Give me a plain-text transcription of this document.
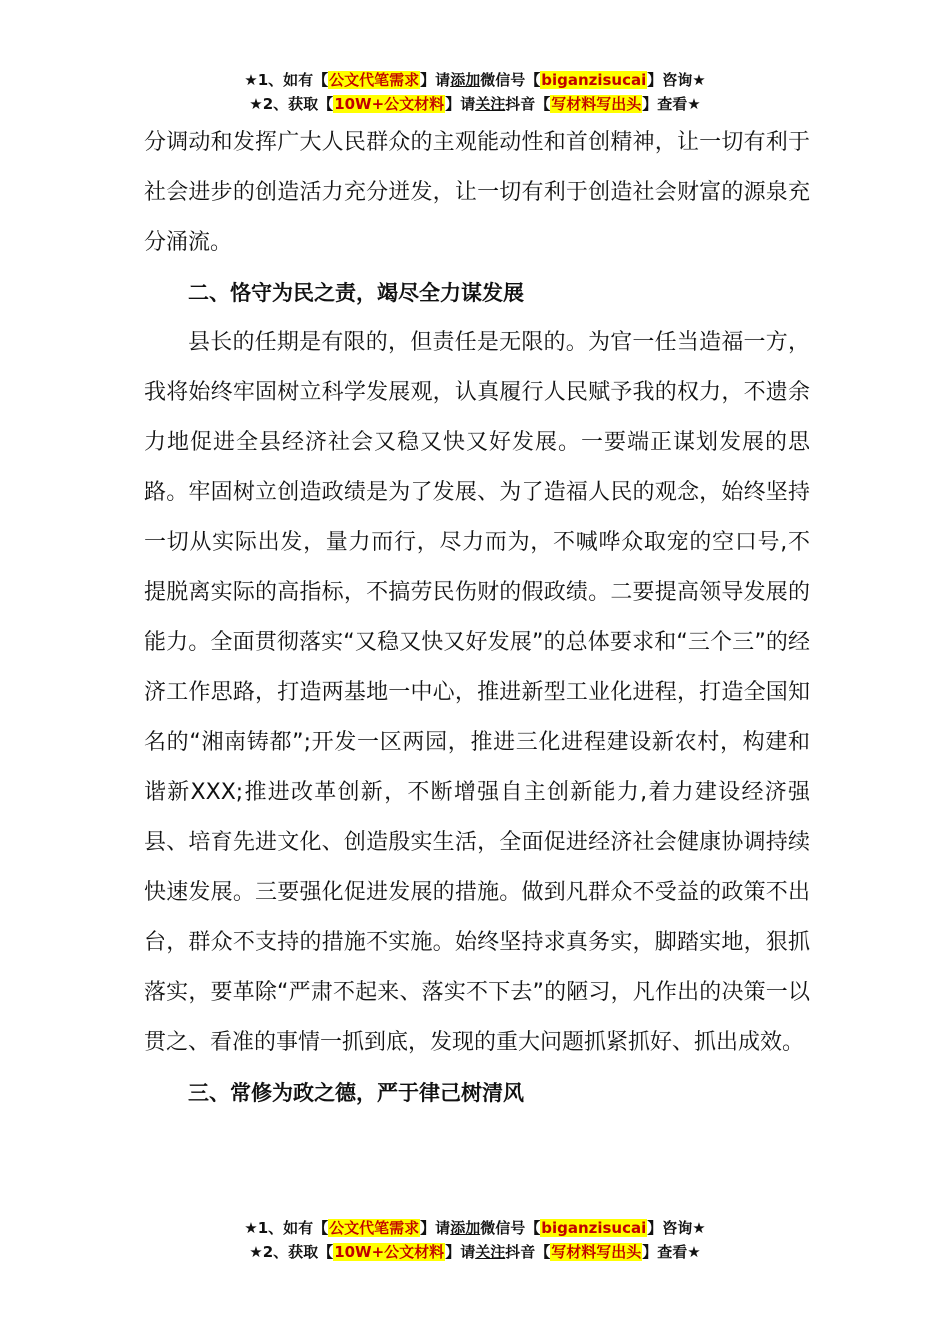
★1、如有【公文代笔需求】请添加微信号【biganzisucai】咨询★
★2、获取【10W+公文材料】请关注抖音【写材料写出头】查看★

分调动和发挥广大人民群众的主观能动性和首创精神，让一切有利于社会进步的创造活力充分迸发，让一切有利于创造社会财富的源泉充分涌流。

二、恪守为民之责，竭尽全力谋发展

县长的任期是有限的，但责任是无限的。为官一任当造福一方，我将始终牢固树立科学发展观，认真履行人民赋予我的权力，不遗余力地促进全县经济社会又稳又快又好发展。一要端正谋划发展的思路。牢固树立创造政绩是为了发展、为了造福人民的观念，始终坚持一切从实际出发，量力而行，尽力而为，不喊哗众取宠的空口号,不提脱离实际的高指标，不搞劳民伤财的假政绩。二要提高领导发展的能力。全面贯彻落实“又稳又快又好发展”的总体要求和“三个三”的经济工作思路，打造两基地一中心，推进新型工业化进程，打造全国知名的“湘南铸都”;开发一区两园，推进三化进程建设新农村，构建和谐新XXX;推进改革创新，不断增强自主创新能力,着力建设经济强县、培育先进文化、创造殷实生活，全面促进经济社会健康协调持续快速发展。三要强化促进发展的措施。做到凡群众不受益的政策不出台，群众不支持的措施不实施。始终坚持求真务实，脚踏实地，狠抓落实，要革除“严肃不起来、落实不下去”的陋习，凡作出的决策一以贯之、看准的事情一抓到底，发现的重大问题抓紧抓好、抓出成效。

三、常修为政之德，严于律己树清风

★1、如有【公文代笔需求】请添加微信号【biganzisucai】咨询★
★2、获取【10W+公文材料】请关注抖音【写材料写出头】查看★
